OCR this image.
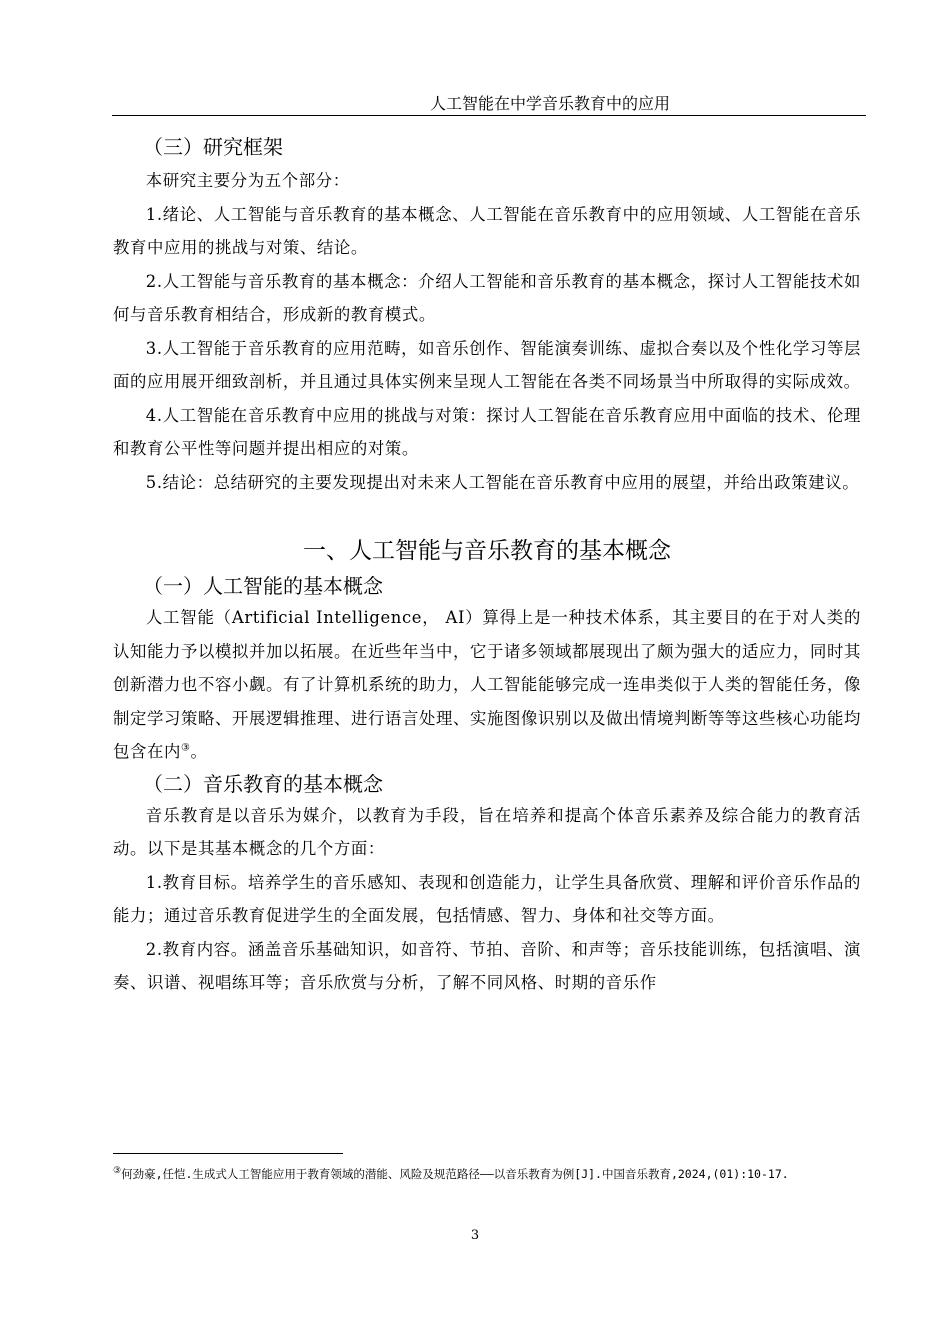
人工智能在中学音乐教育中的应用
（三）研究框架

本研究主要分为五个部分：

1.绪论、人工智能与音乐教育的基本概念、人工智能在音乐教育中的应用领域、人工智能在音乐教育中应用的挑战与对策、结论。

2.人工智能与音乐教育的基本概念：介绍人工智能和音乐教育的基本概念，探讨人工智能技术如何与音乐教育相结合，形成新的教育模式。

3.人工智能于音乐教育的应用范畴，如音乐创作、智能演奏训练、虚拟合奏以及个性化学习等层面的应用展开细致剖析，并且通过具体实例来呈现人工智能在各类不同场景当中所取得的实际成效。

4.人工智能在音乐教育中应用的挑战与对策：探讨人工智能在音乐教育应用中面临的技术、伦理和教育公平性等问题并提出相应的对策。

5.结论：总结研究的主要发现提出对未来人工智能在音乐教育中应用的展望，并给出政策建议。

一、人工智能与音乐教育的基本概念
（一）人工智能的基本概念

人工智能（Artificial Intelligence， AI）算得上是一种技术体系，其主要目的在于对人类的认知能力予以模拟并加以拓展。在近些年当中，它于诸多领域都展现出了颇为强大的适应力，同时其创新潜力也不容小觑。有了计算机系统的助力，人工智能能够完成一连串类似于人类的智能任务，像制定学习策略、开展逻辑推理、进行语言处理、实施图像识别以及做出情境判断等等这些核心功能均包含在内③。

（二）音乐教育的基本概念

音乐教育是以音乐为媒介，以教育为手段，旨在培养和提高个体音乐素养及综合能力的教育活动。以下是其基本概念的几个方面：

1.教育目标。培养学生的音乐感知、表现和创造能力，让学生具备欣赏、理解和评价音乐作品的能力；通过音乐教育促进学生的全面发展，包括情感、智力、身体和社交等方面。

2.教育内容。涵盖音乐基础知识，如音符、节拍、音阶、和声等；音乐技能训练，包括演唱、演奏、识谱、视唱练耳等；音乐欣赏与分析，了解不同风格、时期的音乐作

③何劲豪,任恺.生成式人工智能应用于教育领域的潜能、风险及规范路径——以音乐教育为例[J].中国音乐教育,2024,(01):10-17.
3
